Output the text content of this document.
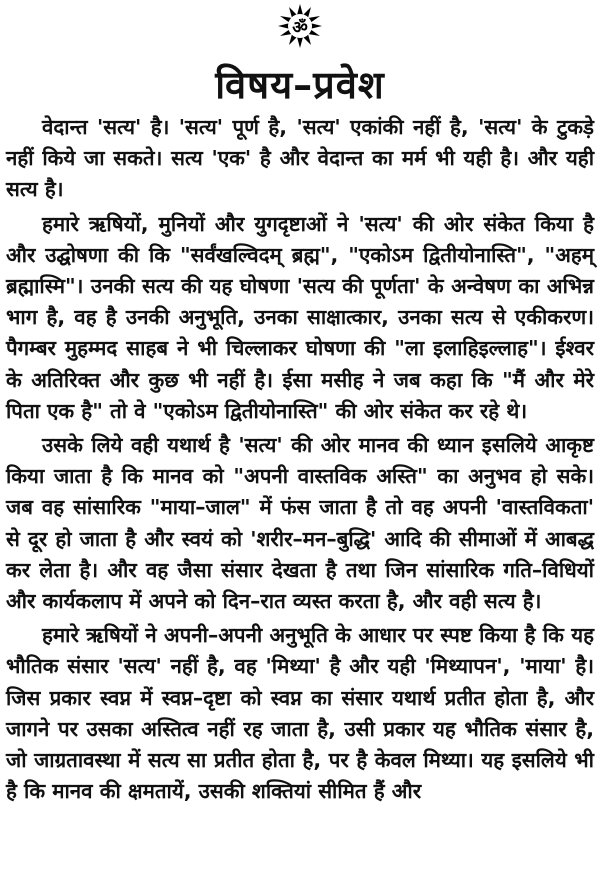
ॐ
विषय–प्रवेश

वेदान्त 'सत्य' है। 'सत्य' पूर्ण है, 'सत्य' एकांकी नहीं है, 'सत्य' के टुकड़े नहीं किये जा सकते। सत्य 'एक' है और वेदान्त का मर्म भी यही है। और यही सत्य है।

हमारे ऋषियों, मुनियों और युगदृष्टाओं ने 'सत्य' की ओर संकेत किया है और उद्घोषणा की कि "सर्वंखल्विदम् ब्रह्म", "एकोऽम द्वितीयोनास्ति", "अहम् ब्रह्मास्मि"। उनकी सत्य की यह घोषणा 'सत्य की पूर्णता' के अन्वेषण का अभिन्न भाग है, वह है उनकी अनुभूति, उनका साक्षात्कार, उनका सत्य से एकीकरण। पैगम्बर मुहम्मद साहब ने भी चिल्लाकर घोषणा की "ला इलाहिइल्लाह"। ईश्वर के अतिरिक्त और कुछ भी नहीं है। ईसा मसीह ने जब कहा कि "मैं और मेरे पिता एक है" तो वे "एकोऽम द्वितीयोनास्ति" की ओर संकेत कर रहे थे।

उसके लिये वही यथार्थ है 'सत्य' की ओर मानव की ध्यान इसलिये आकृष्ट किया जाता है कि मानव को "अपनी वास्तविक अस्ति" का अनुभव हो सके। जब वह सांसारिक "माया–जाल" में फंस जाता है तो वह अपनी 'वास्तविकता' से दूर हो जाता है और स्वयं को 'शरीर–मन–बुद्धि' आदि की सीमाओं में आबद्ध कर लेता है। और वह जैसा संसार देखता है तथा जिन सांसारिक गति–विधियों और कार्यकलाप में अपने को दिन–रात व्यस्त करता है, और वही सत्य है।

हमारे ऋषियों ने अपनी–अपनी अनुभूति के आधार पर स्पष्ट किया है कि यह भौतिक संसार 'सत्य' नहीं है, वह 'मिथ्या' है और यही 'मिथ्यापन', 'माया' है। जिस प्रकार स्वप्न में स्वप्न–दृष्टा को स्वप्न का संसार यथार्थ प्रतीत होता है, और जागने पर उसका अस्तित्व नहीं रह जाता है, उसी प्रकार यह भौतिक संसार है, जो जाग्रतावस्था में सत्य सा प्रतीत होता है, पर है केवल मिथ्या। यह इसलिये भी है कि मानव की क्षमतायें, उसकी शक्तियां सीमित हैं और
